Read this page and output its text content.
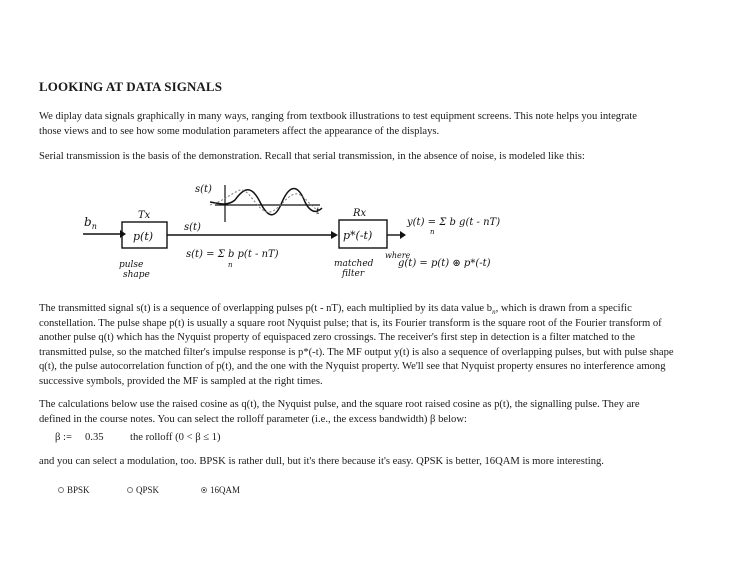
LOOKING AT DATA SIGNALS

We diplay data signals graphically in many ways, ranging from textbook illustrations to test equipment screens. This note helps you integrate
those views and to see how some modulation parameters affect the appearance of the displays.

Serial transmission is the basis of the demonstration. Recall that serial transmission, in the absence of noise, is modeled like this:

s(t)
t
$b_n$
Tx
p(t)
pulse
shape
s(t)
s(t) = Σ b p(t - nT)
n
Rx
p*(-t)
matched
filter
y(t) = Σ b g(t - nT)
n
where
g(t) = p(t) ⊛ p*(-t)

The transmitted signal s(t) is a sequence of overlapping pulses p(t - nT), each multiplied by its data value $b_n$, which is drawn from a specific
constellation. The pulse shape p(t) is usually a square root Nyquist pulse; that is, its Fourier transform is the square root of the Fourier transform of
another pulse q(t) which has the Nyquist property of equispaced zero crossings. The receiver's first step in detection is a filter matched to the
transmitted pulse, so the matched filter's impulse response is p*(-t). The MF output y(t) is also a sequence of overlapping pulses, but with pulse shape
q(t), the pulse autocorrelation function of p(t), and the one with the Nyquist property. We'll see that Nyquist property ensures no interference among
successive symbols, provided the MF is sampled at the right times.

The calculations below use the raised cosine as q(t), the Nyquist pulse, and the square root raised cosine as p(t), the signalling pulse. They are
defined in the course notes. You can select the rolloff parameter (i.e., the excess bandwidth) β below:

β :=
0.35	the rolloff (0 < β ≤ 1)

and you can select a modulation, too. BPSK is rather dull, but it's there because it's easy. QPSK is better, 16QAM is more interesting.

BPSK	QPSK	16QAM
